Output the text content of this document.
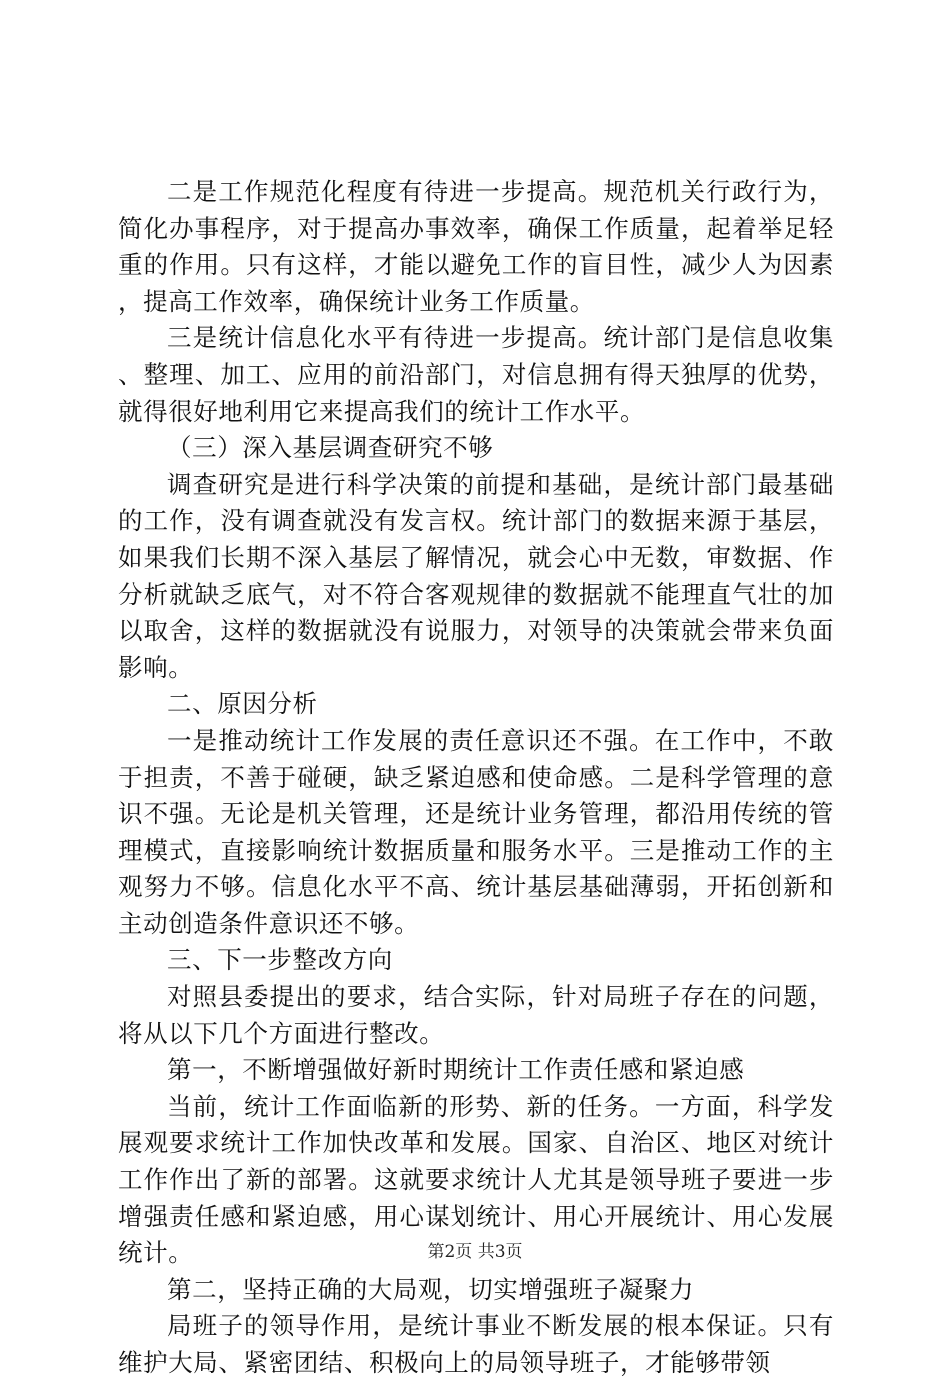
二是工作规范化程度有待进一步提高。规范机关行政行为，简化办事程序，对于提高办事效率，确保工作质量，起着举足轻重的作用。只有这样，才能以避免工作的盲目性，减少人为因素，提高工作效率，确保统计业务工作质量。

三是统计信息化水平有待进一步提高。统计部门是信息收集、整理、加工、应用的前沿部门，对信息拥有得天独厚的优势，就得很好地利用它来提高我们的统计工作水平。

（三）深入基层调查研究不够

调查研究是进行科学决策的前提和基础，是统计部门最基础的工作，没有调查就没有发言权。统计部门的数据来源于基层，如果我们长期不深入基层了解情况，就会心中无数，审数据、作分析就缺乏底气，对不符合客观规律的数据就不能理直气壮的加以取舍，这样的数据就没有说服力，对领导的决策就会带来负面影响。

二、原因分析

一是推动统计工作发展的责任意识还不强。在工作中，不敢于担责，不善于碰硬，缺乏紧迫感和使命感。二是科学管理的意识不强。无论是机关管理，还是统计业务管理，都沿用传统的管理模式，直接影响统计数据质量和服务水平。三是推动工作的主观努力不够。信息化水平不高、统计基层基础薄弱，开拓创新和主动创造条件意识还不够。

三、下一步整改方向

对照县委提出的要求，结合实际，针对局班子存在的问题，将从以下几个方面进行整改。

第一，不断增强做好新时期统计工作责任感和紧迫感

当前，统计工作面临新的形势、新的任务。一方面，科学发展观要求统计工作加快改革和发展。国家、自治区、地区对统计工作作出了新的部署。这就要求统计人尤其是领导班子要进一步增强责任感和紧迫感，用心谋划统计、用心开展统计、用心发展统计。

第二，坚持正确的大局观，切实增强班子凝聚力

局班子的领导作用，是统计事业不断发展的根本保证。只有维护大局、紧密团结、积极向上的局领导班子，才能够带领

第2页 共3页
